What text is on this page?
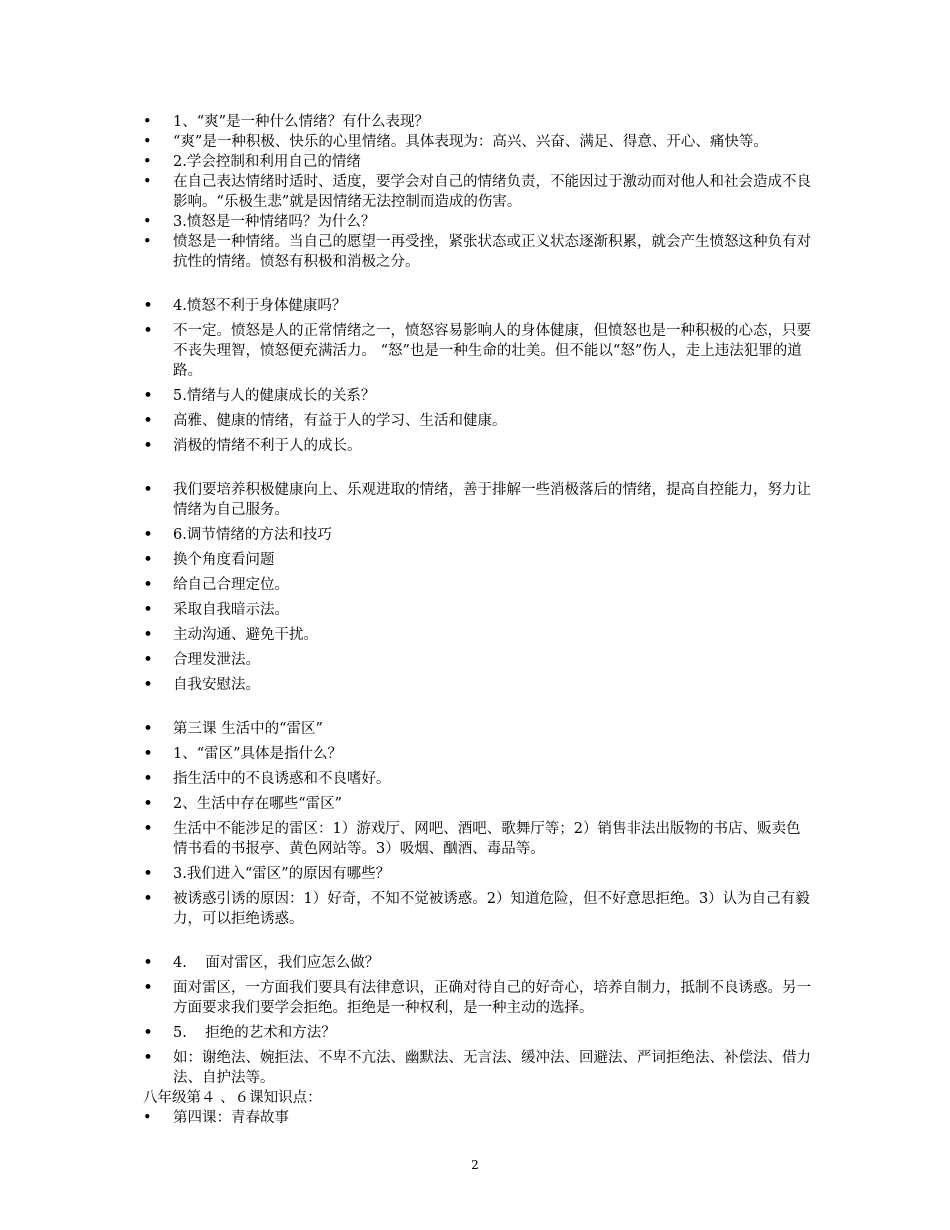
• 1、“爽”是一种什么情绪？有什么表现？

• “爽”是一种积极、快乐的心里情绪。具体表现为：高兴、兴奋、满足、得意、开心、痛快等。

• 2.学会控制和利用自己的情绪

• 在自己表达情绪时适时、适度，要学会对自己的情绪负责，不能因过于激动而对他人和社会造成不良影响。“乐极生悲”就是因情绪无法控制而造成的伤害。

• 3.愤怒是一种情绪吗？为什么？

• 愤怒是一种情绪。当自己的愿望一再受挫，紧张状态或正义状态逐渐积累，就会产生愤怒这种负有对抗性的情绪。愤怒有积极和消极之分。

• 4.愤怒不利于身体健康吗？

• 不一定。愤怒是人的正常情绪之一，愤怒容易影响人的身体健康，但愤怒也是一种积极的心态，只要不丧失理智，愤怒便充满活力。 “怒”也是一种生命的壮美。但不能以“怒”伤人，走上违法犯罪的道路。

• 5.情绪与人的健康成长的关系？

• 高雅、健康的情绪，有益于人的学习、生活和健康。

• 消极的情绪不利于人的成长。

• 我们要培养积极健康向上、乐观进取的情绪，善于排解一些消极落后的情绪，提高自控能力，努力让情绪为自己服务。

• 6.调节情绪的方法和技巧

• 换个角度看问题

• 给自己合理定位。

• 采取自我暗示法。

• 主动沟通、避免干扰。

• 合理发泄法。

• 自我安慰法。

• 第三课 生活中的“雷区”

• 1、“雷区”具体是指什么？

• 指生活中的不良诱惑和不良嗜好。

• 2、生活中存在哪些“雷区”

• 生活中不能涉足的雷区：1）游戏厅、网吧、酒吧、歌舞厅等；2）销售非法出版物的书店、贩卖色情书看的书报亭、黄色网站等。3）吸烟、酗酒、毒品等。

• 3.我们进入“雷区”的原因有哪些？

• 被诱惑引诱的原因：1）好奇，不知不觉被诱惑。2）知道危险，但不好意思拒绝。3）认为自己有毅力，可以拒绝诱惑。

• 4.    面对雷区，我们应怎么做？

• 面对雷区，一方面我们要具有法律意识，正确对待自己的好奇心，培养自制力，抵制不良诱惑。另一方面要求我们要学会拒绝。拒绝是一种权利，是一种主动的选择。

• 5.    拒绝的艺术和方法？

• 如：谢绝法、婉拒法、不卑不亢法、幽默法、无言法、缓冲法、回避法、严词拒绝法、补偿法、借力法、自护法等。

八年级第４ 、６课知识点：

• 第四课：青春故事

2
